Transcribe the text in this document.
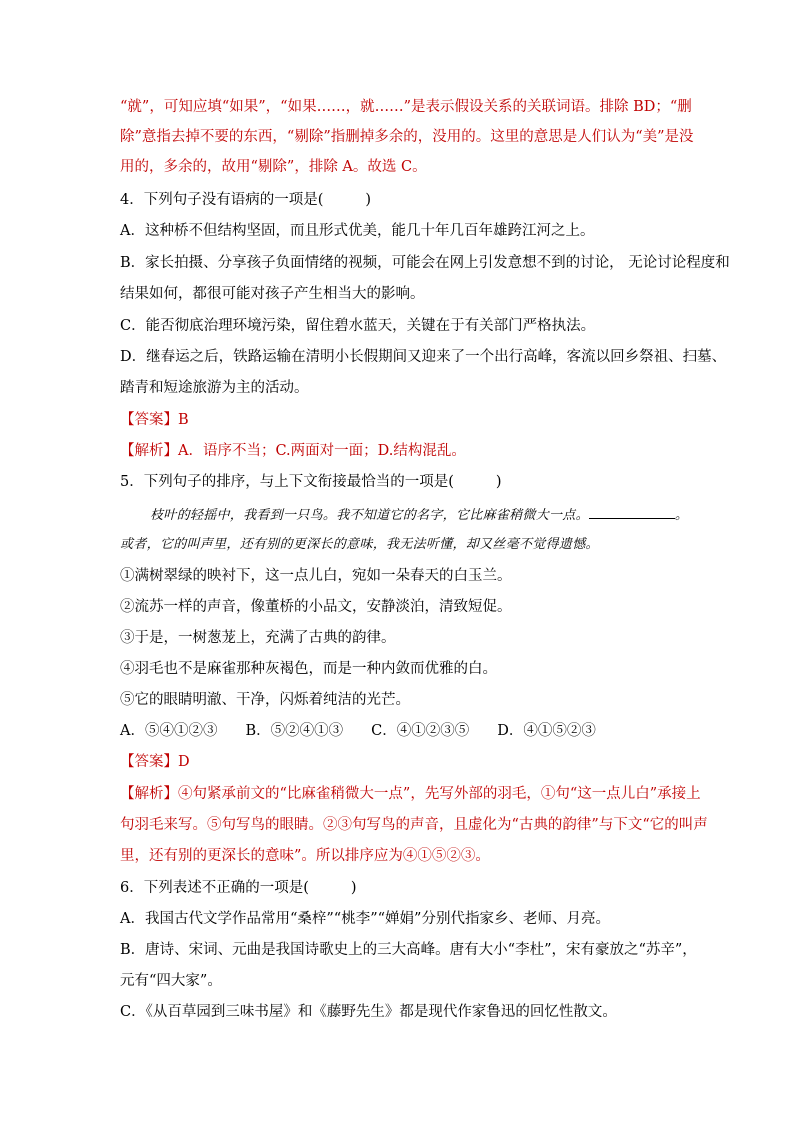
“就”，可知应填“如果”，“如果……，就……”是表示假设关系的关联词语。排除 BD；“删
除”意指去掉不要的东西，“剔除”指删掉多余的，没用的。这里的意思是人们认为“美”是没
用的，多余的，故用“剔除”，排除 A。故选 C。
4．下列句子没有语病的一项是(	)
A．这种桥不但结构坚固，而且形式优美，能几十年几百年雄跨江河之上。
B．家长拍摄、分享孩子负面情绪的视频，可能会在网上引发意想不到的讨论， 无论讨论程度和
结果如何，都很可能对孩子产生相当大的影响。
C．能否彻底治理环境污染，留住碧水蓝天，关键在于有关部门严格执法。
D．继春运之后，铁路运输在清明小长假期间又迎来了一个出行高峰，客流以回乡祭祖、扫墓、
踏青和短途旅游为主的活动。
【答案】B
【解析】A．语序不当；C.两面对一面；D.结构混乱。
5．下列句子的排序，与上下文衔接最恰当的一项是(	)
枝叶的轻摇中，我看到一只鸟。我不知道它的名字，它比麻雀稍微大一点。	。
或者，它的叫声里，还有别的更深长的意味，我无法听懂，却又丝毫不觉得遗憾。
①满树翠绿的映衬下，这一点儿白，宛如一朵春天的白玉兰。
②流苏一样的声音，像董桥的小品文，安静淡泊，清致短促。
③于是，一树葱茏上，充满了古典的韵律。
④羽毛也不是麻雀那种灰褐色，而是一种内敛而优雅的白。
⑤它的眼睛明澈、干净，闪烁着纯洁的光芒。
A．⑤④①②③ B．⑤②④①③ C．④①②③⑤ D．④①⑤②③
【答案】D
【解析】④句紧承前文的“比麻雀稍微大一点”，先写外部的羽毛，①句“这一点儿白”承接上
句羽毛来写。⑤句写鸟的眼睛。②③句写鸟的声音，且虚化为“古典的韵律”与下文“它的叫声
里，还有别的更深长的意味”。所以排序应为④①⑤②③。
6．下列表述不正确的一项是(	)
A．我国古代文学作品常用“桑梓”“桃李”“婵娟”分别代指家乡、老师、月亮。
B．唐诗、宋词、元曲是我国诗歌史上的三大高峰。唐有大小“李杜”，宋有豪放之“苏辛”，
元有“四大家”。
C．《从百草园到三味书屋》和《藤野先生》都是现代作家鲁迅的回忆性散文。
